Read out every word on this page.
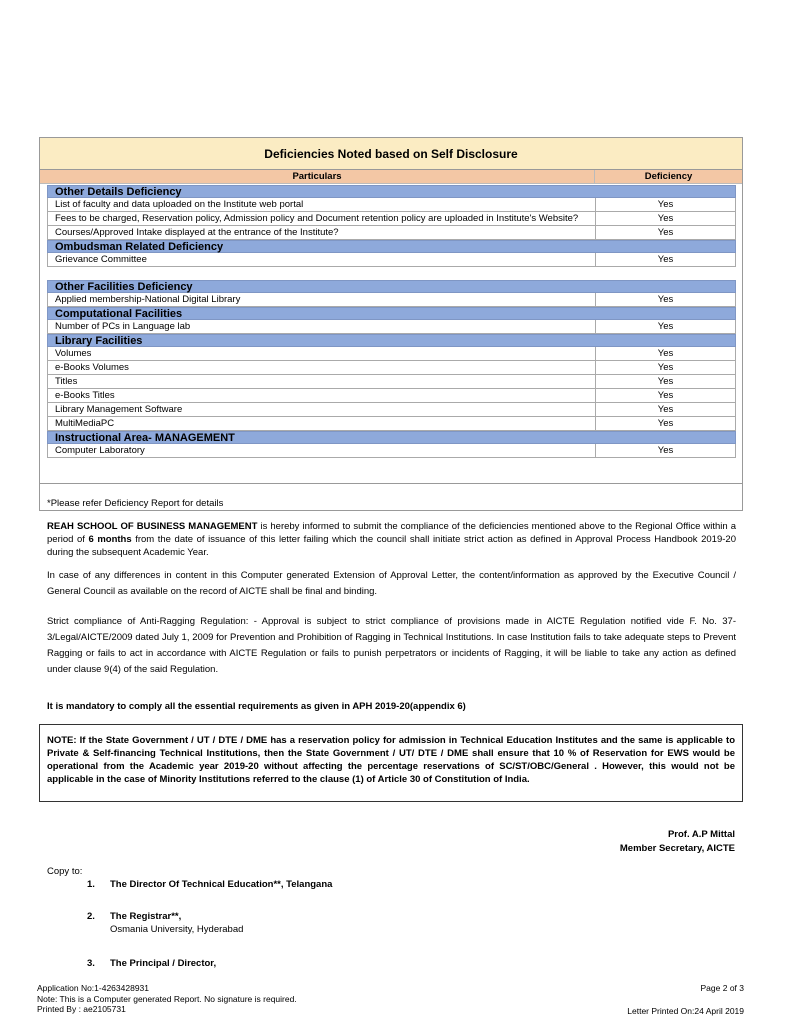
Deficiencies Noted based on Self Disclosure
Particulars	Deficiency
Other Details Deficiency
List of faculty and data uploaded on the Institute web portal	Yes
Fees to be charged, Reservation policy, Admission policy and Document retention policy are uploaded in Institute's Website?	Yes
Courses/Approved Intake displayed at the entrance of the Institute?	Yes
Ombudsman Related Deficiency
Grievance Committee	Yes
Other Facilities Deficiency
Applied membership-National Digital Library	Yes
Computational Facilities
Number of PCs in Language lab	Yes
Library Facilities
Volumes	Yes
e-Books Volumes	Yes
Titles	Yes
e-Books Titles	Yes
Library Management Software	Yes
MultiMediaPC	Yes
Instructional Area- MANAGEMENT
Computer Laboratory	Yes
*Please refer Deficiency Report for details
REAH SCHOOL OF BUSINESS MANAGEMENT is hereby informed to submit the compliance of the deficiencies mentioned above to the Regional Office within a period of 6 months from the date of issuance of this letter failing which the council shall initiate strict action as defined in Approval Process Handbook 2019-20 during the subsequent Academic Year.
In case of any differences in content in this Computer generated Extension of Approval Letter, the content/information as approved by the Executive Council / General Council as available on the record of AICTE shall be final and binding.
Strict compliance of Anti-Ragging Regulation: - Approval is subject to strict compliance of provisions made in AICTE Regulation notified vide F. No. 37-3/Legal/AICTE/2009 dated July 1, 2009 for Prevention and Prohibition of Ragging in Technical Institutions. In case Institution fails to take adequate steps to Prevent Ragging or fails to act in accordance with AICTE Regulation or fails to punish perpetrators or incidents of Ragging, it will be liable to take any action as defined under clause 9(4) of the said Regulation.
It is mandatory to comply all the essential requirements as given in APH 2019-20(appendix 6)
NOTE: If the State Government / UT / DTE / DME has a reservation policy for admission in Technical Education Institutes and the same is applicable to Private & Self-financing Technical Institutions, then the State Government / UT/ DTE / DME shall ensure that 10 % of Reservation for EWS would be operational from the Academic year 2019-20 without affecting the percentage reservations of SC/ST/OBC/General . However, this would not be applicable in the case of Minority Institutions referred to the clause (1) of Article 30 of Constitution of India.
Prof. A.P Mittal
Member Secretary, AICTE
Copy to:
1. The Director Of Technical Education**, Telangana
2. The Registrar**,
Osmania University, Hyderabad
3. The Principal / Director,
Application No:1-4263428931
Note: This is a Computer generated Report. No signature is required.
Printed By : ae2105731
Page 2 of 3
Letter Printed On:24 April 2019
